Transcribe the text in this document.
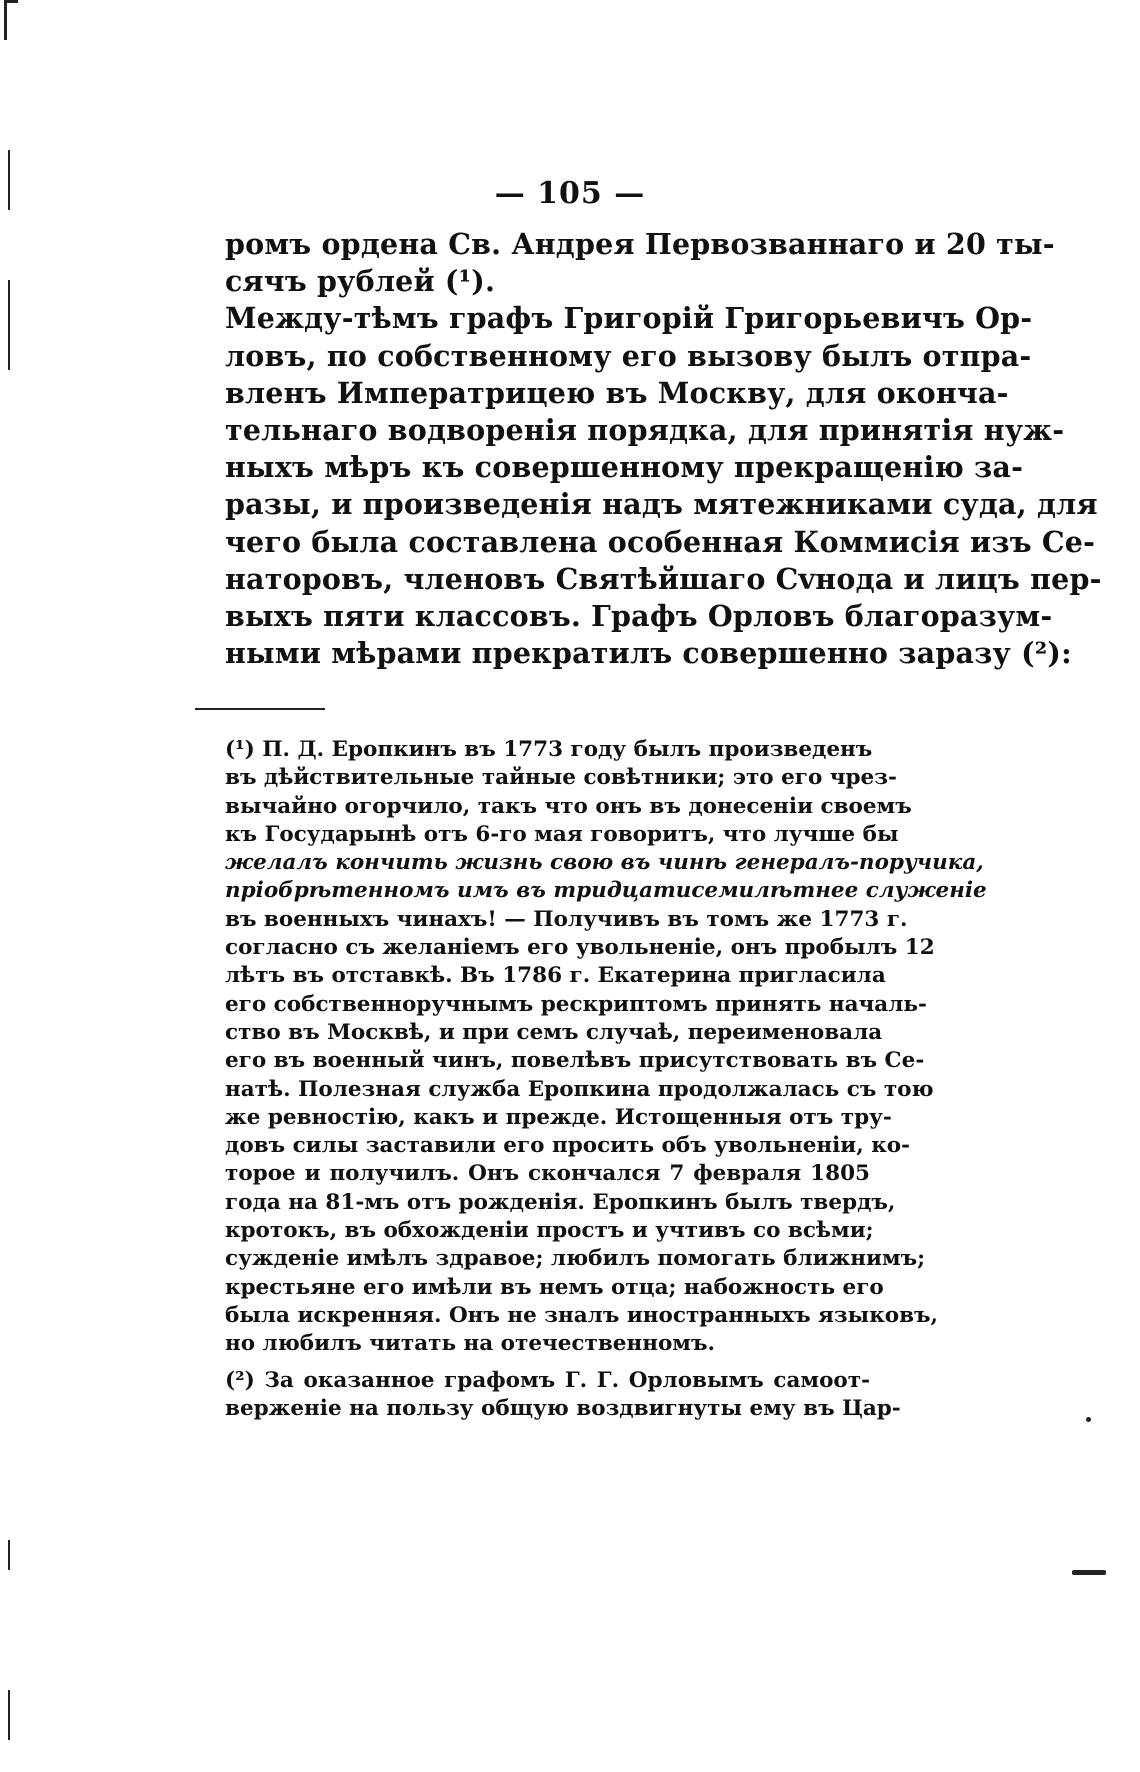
— 105 —
ромъ ордена Св. Андрея Первозваннаго и 20 ты-
сячъ рублей (¹).
Между-тѣмъ графъ Григорій Григорьевичъ Ор-
ловъ, по собственному его вызову былъ отпра-
вленъ Императрицею въ Москву, для оконча-
тельнаго водворенія порядка, для принятія нуж-
ныхъ мѣръ къ совершенному прекращенію за-
разы, и произведенія надъ мятежниками суда, для
чего была составлена особенная Коммисія изъ Се-
наторовъ, членовъ Святѣйшаго Сvнода и лицъ пер-
выхъ пяти классовъ. Графъ Орловъ благоразум-
ными мѣрами прекратилъ совершенно заразу (²):
(¹) П. Д. Еропкинъ въ 1773 году былъ произведенъ
въ дѣйствительные тайные совѣтники; это его чрез-
вычайно огорчило, такъ что онъ въ донесеніи своемъ
къ Государынѣ отъ 6-го мая говоритъ, что лучше бы
желалъ кончить жизнь свою въ чинѣ генералъ-поручика,
пріобрѣтенномъ имъ въ тридцатисемилѣтнее служеніе
въ военныхъ чинахъ! — Получивъ въ томъ же 1773 г.
согласно съ желаніемъ его увольненіе, онъ пробылъ 12
лѣтъ въ отставкѣ. Въ 1786 г. Екатерина пригласила
его собственноручнымъ рескриптомъ принять началь-
ство въ Москвѣ, и при семъ случаѣ, переименовала
его въ военный чинъ, повелѣвъ присутствовать въ Се-
натѣ. Полезная служба Еропкина продолжалась съ тою
же ревностію, какъ и прежде. Истощенныя отъ тру-
довъ силы заставили его просить объ увольненіи, ко-
торое и получилъ. Онъ скончался 7 февраля 1805
года на 81-мъ отъ рожденія. Еропкинъ былъ твердъ,
кротокъ, въ обхожденіи простъ и учтивъ со всѣми;
сужденіе имѣлъ здравое; любилъ помогать ближнимъ;
крестьяне его имѣли въ немъ отца; набожность его
была искренняя. Онъ не зналъ иностранныхъ языковъ,
но любилъ читать на отечественномъ.
(²) За оказанное графомъ Г. Г. Орловымъ самоот-
верженіе на пользу общую воздвигнуты ему въ Цар-
